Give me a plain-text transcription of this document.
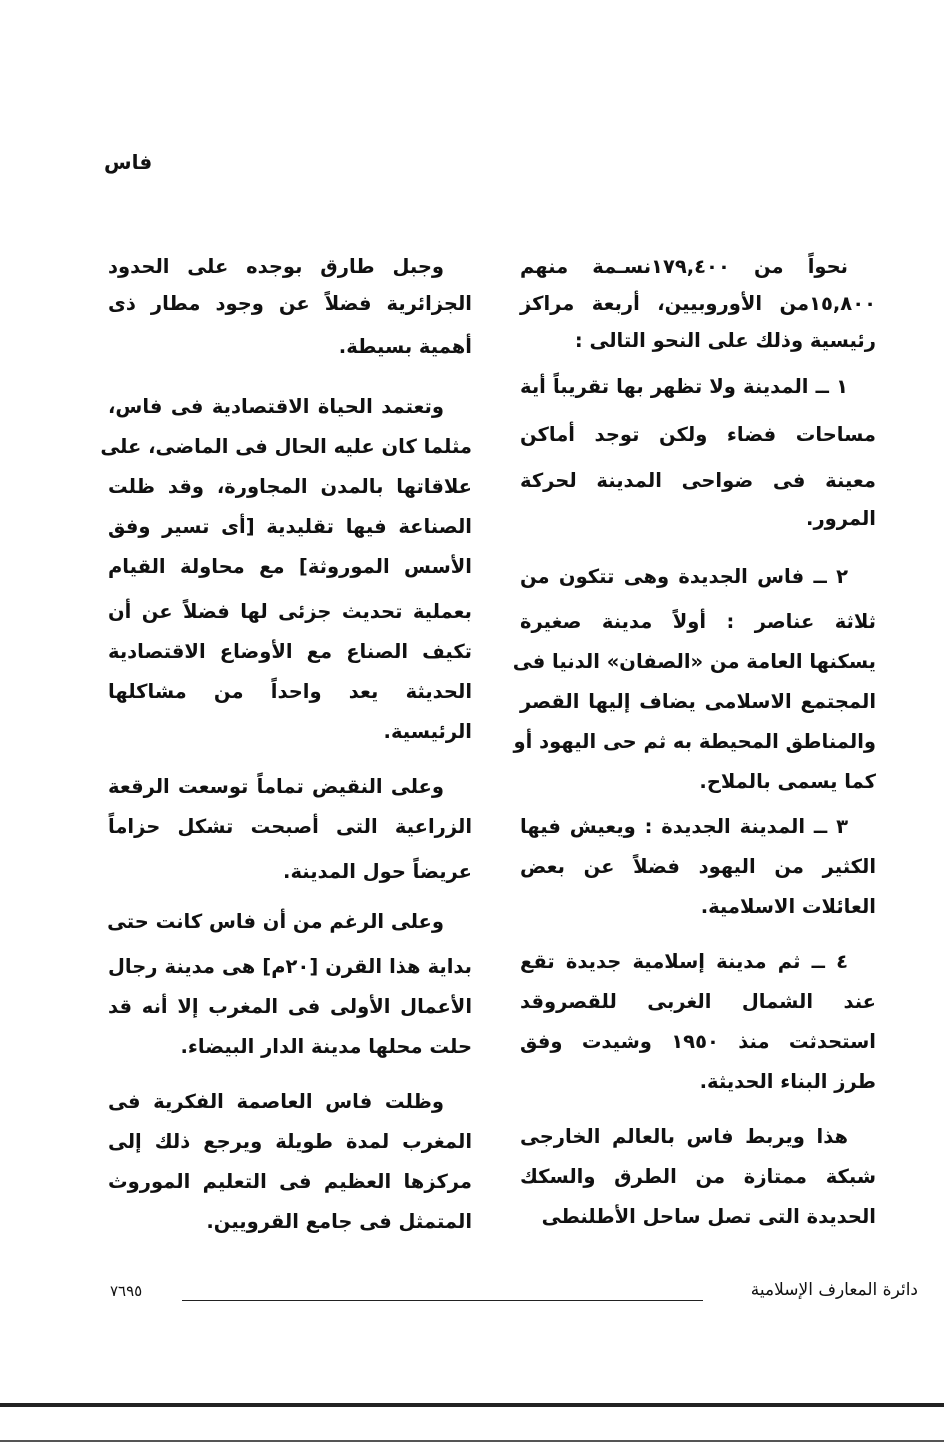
فاس
نحواً من ١٧٩,٤٠٠نسـمة منهم
١٥,٨٠٠من الأوروبيين، أربعة مراكز
رئيسية وذلك على النحو التالى :
١ ــ المدينة ولا تظهر بها تقريباً أية
مساحات فضاء ولكن توجد أماكن
معينة فى ضواحى المدينة لحركة
المرور.
٢ ــ فاس الجديدة وهى تتكون من
ثلاثة عناصر : أولاً مدينة صغيرة
يسكنها العامة من «الصفان» الدنيا فى
المجتمع الاسلامى يضاف إليها القصر
والمناطق المحيطة به ثم حى اليهود أو
كما يسمى بالملاح.
٣ ــ المدينة الجديدة : ويعيش فيها
الكثير من اليهود فضلاً عن بعض
العائلات الاسلامية.
٤ ــ ثم مدينة إسلامية جديدة تقع
عند الشمال الغربى للقصروقد
استحدثت منذ ١٩٥٠ وشيدت وفق
طرز البناء الحديثة.
هذا ويربط فاس بالعالم الخارجى
شبكة ممتازة من الطرق والسكك
الحديدة التى تصل ساحل الأطلنطى
وجبل طارق بوجده على الحدود
الجزائرية فضلاً عن وجود مطار ذى
أهمية بسيطة.
وتعتمد الحياة الاقتصادية فى فاس،
مثلما كان عليه الحال فى الماضى، على
علاقاتها بالمدن المجاورة، وقد ظلت
الصناعة فيها تقليدية [أى تسير وفق
الأسس الموروثة] مع محاولة القيام
بعملية تحديث جزئى لها فضلاً عن أن
تكيف الصناع مع الأوضاع الاقتصادية
الحديثة يعد واحداً من مشاكلها
الرئيسية.
وعلى النقيض تماماً توسعت الرقعة
الزراعية التى أصبحت تشكل حزاماً
عريضاً حول المدينة.
وعلى الرغم من أن فاس كانت حتى
بداية هذا القرن [٢٠م] هى مدينة رجال
الأعمال الأولى فى المغرب إلا أنه قد
حلت محلها مدينة الدار البيضاء.
وظلت فاس العاصمة الفكرية فى
المغرب لمدة طويلة ويرجع ذلك إلى
مركزها العظيم فى التعليم الموروث
المتمثل فى جامع القرويين.
دائرة المعارف الإسلامية
٧٦٩٥
